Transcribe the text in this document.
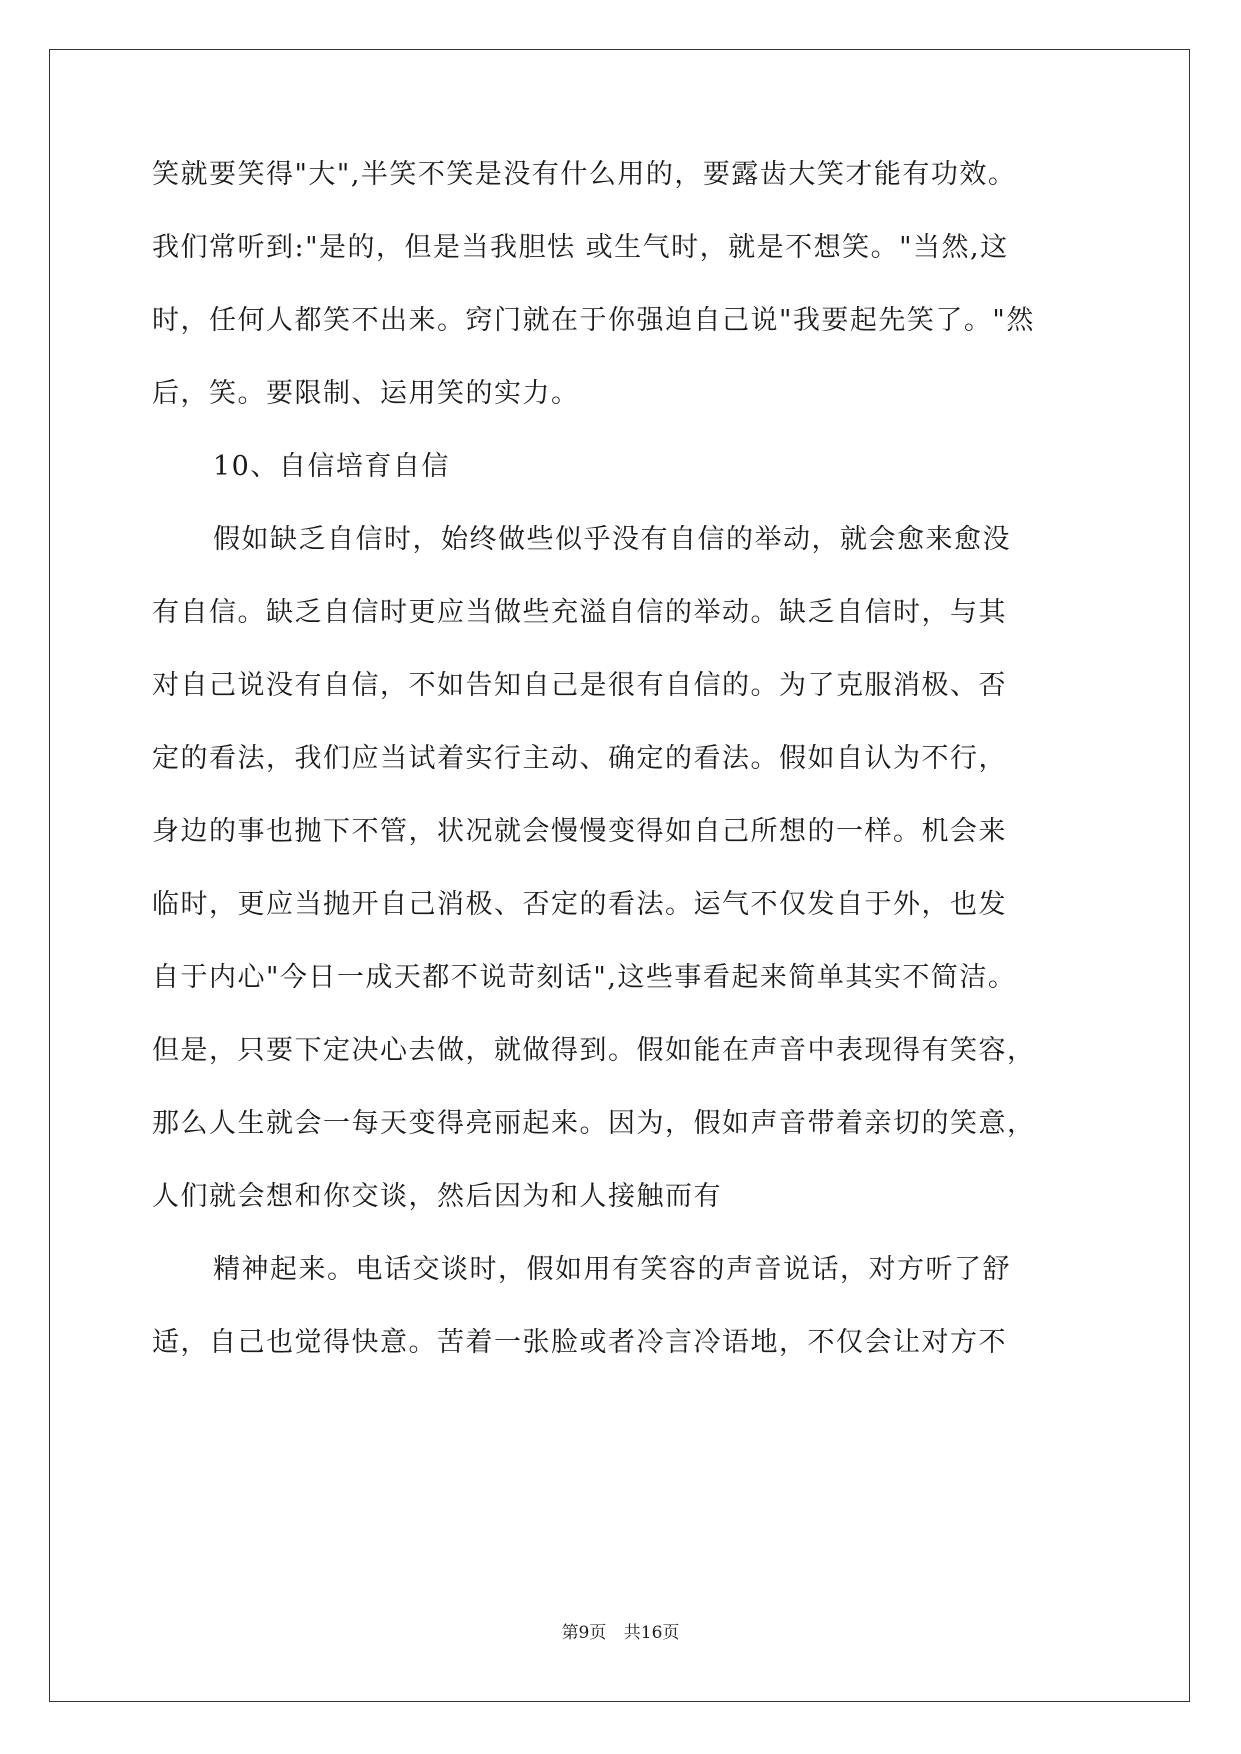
笑就要笑得"大",半笑不笑是没有什么用的，要露齿大笑才能有功效。
我们常听到:"是的，但是当我胆怯 或生气时，就是不想笑。"当然,这
时，任何人都笑不出来。窍门就在于你强迫自己说"我要起先笑了。"然
后，笑。要限制、运用笑的实力。
10、自信培育自信
假如缺乏自信时，始终做些似乎没有自信的举动，就会愈来愈没
有自信。缺乏自信时更应当做些充溢自信的举动。缺乏自信时，与其
对自己说没有自信，不如告知自己是很有自信的。为了克服消极、否
定的看法，我们应当试着实行主动、确定的看法。假如自认为不行，
身边的事也抛下不管，状况就会慢慢变得如自己所想的一样。机会来
临时，更应当抛开自己消极、否定的看法。运气不仅发自于外，也发
自于内心"今日一成天都不说苛刻话",这些事看起来简单其实不简洁。
但是，只要下定决心去做，就做得到。假如能在声音中表现得有笑容，
那么人生就会一每天变得亮丽起来。因为，假如声音带着亲切的笑意，
人们就会想和你交谈，然后因为和人接触而有
精神起来。电话交谈时，假如用有笑容的声音说话，对方听了舒
适，自己也觉得快意。苦着一张脸或者冷言冷语地，不仅会让对方不
第9页 共16页
